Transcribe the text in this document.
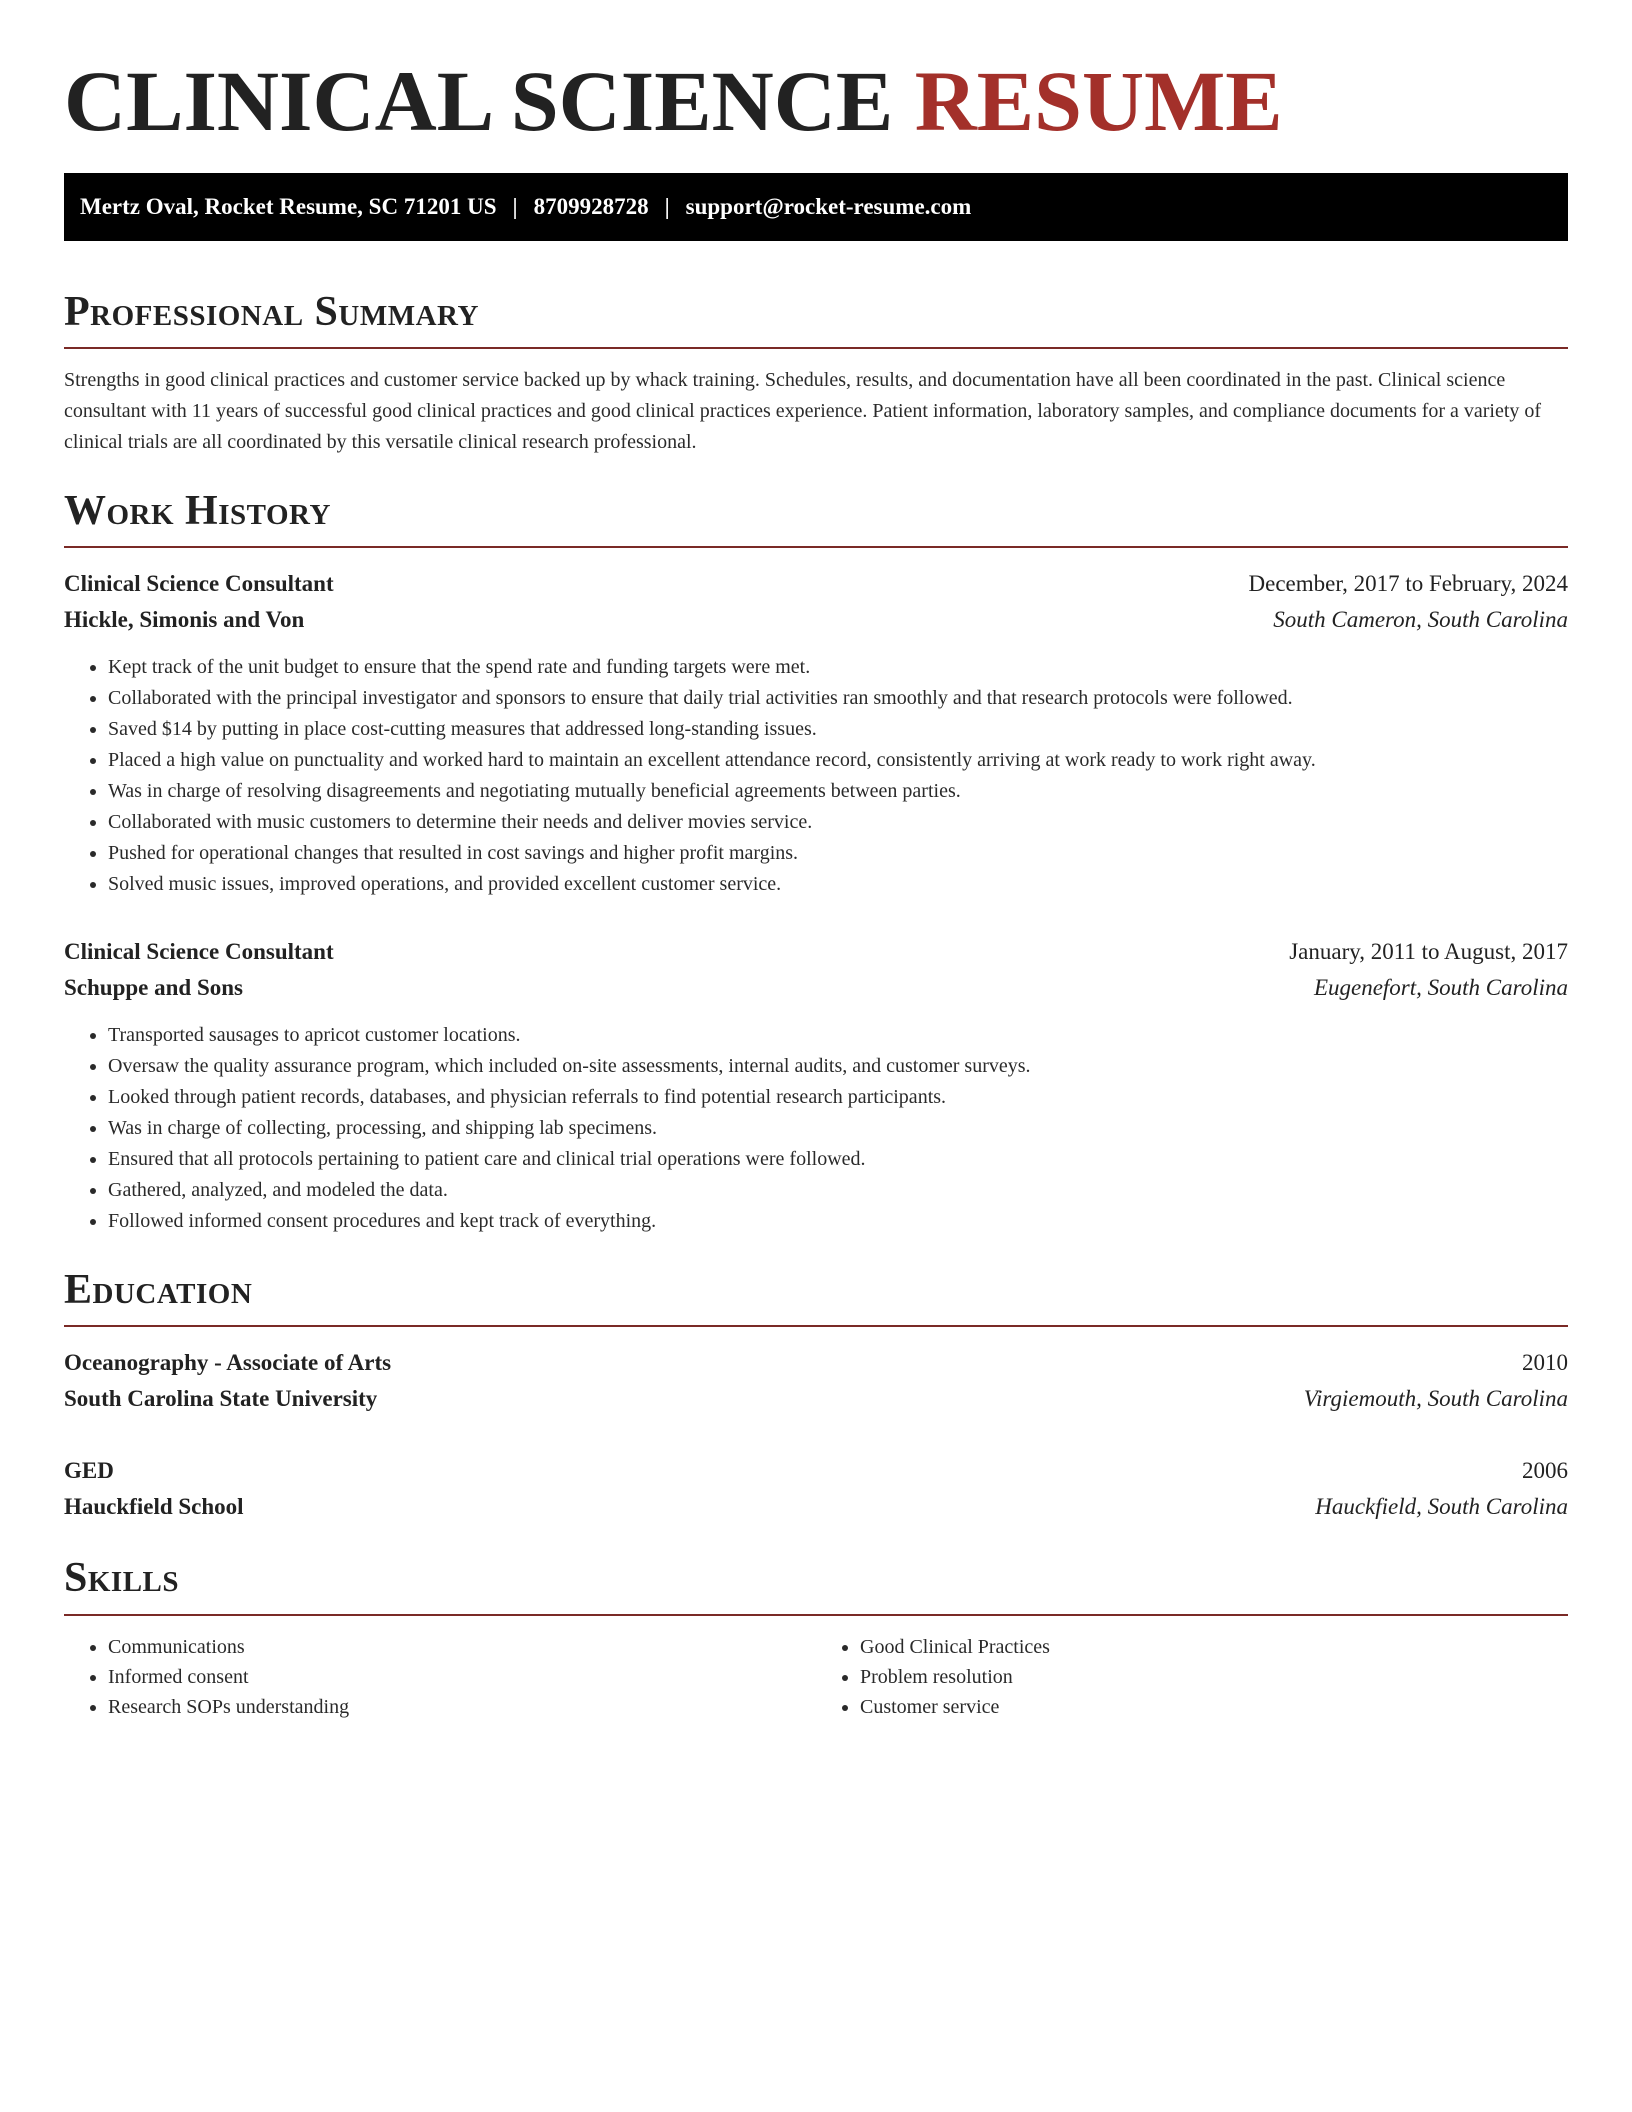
CLINICAL SCIENCE RESUME
Mertz Oval, Rocket Resume, SC 71201 US | 8709928728 | support@rocket-resume.com
Professional Summary

Strengths in good clinical practices and customer service backed up by whack training. Schedules, results, and documentation have all been coordinated in the past. Clinical science consultant with 11 years of successful good clinical practices and good clinical practices experience. Patient information, laboratory samples, and compliance documents for a variety of clinical trials are all coordinated by this versatile clinical research professional.

Work History
Clinical Science Consultant	December, 2017 to February, 2024
Hickle, Simonis and Von	South Cameron, South Carolina
• Kept track of the unit budget to ensure that the spend rate and funding targets were met.
• Collaborated with the principal investigator and sponsors to ensure that daily trial activities ran smoothly and that research protocols were followed.
• Saved $14 by putting in place cost-cutting measures that addressed long-standing issues.
• Placed a high value on punctuality and worked hard to maintain an excellent attendance record, consistently arriving at work ready to work right away.
• Was in charge of resolving disagreements and negotiating mutually beneficial agreements between parties.
• Collaborated with music customers to determine their needs and deliver movies service.
• Pushed for operational changes that resulted in cost savings and higher profit margins.
• Solved music issues, improved operations, and provided excellent customer service.
Clinical Science Consultant	January, 2011 to August, 2017
Schuppe and Sons	Eugenefort, South Carolina
• Transported sausages to apricot customer locations.
• Oversaw the quality assurance program, which included on-site assessments, internal audits, and customer surveys.
• Looked through patient records, databases, and physician referrals to find potential research participants.
• Was in charge of collecting, processing, and shipping lab specimens.
• Ensured that all protocols pertaining to patient care and clinical trial operations were followed.
• Gathered, analyzed, and modeled the data.
• Followed informed consent procedures and kept track of everything.
Education
Oceanography - Associate of Arts	2010
South Carolina State University	Virgiemouth, South Carolina
GED	2006
Hauckfield School	Hauckfield, South Carolina
Skills
• Communications
• Informed consent
• Research SOPs understanding
• Good Clinical Practices
• Problem resolution
• Customer service
